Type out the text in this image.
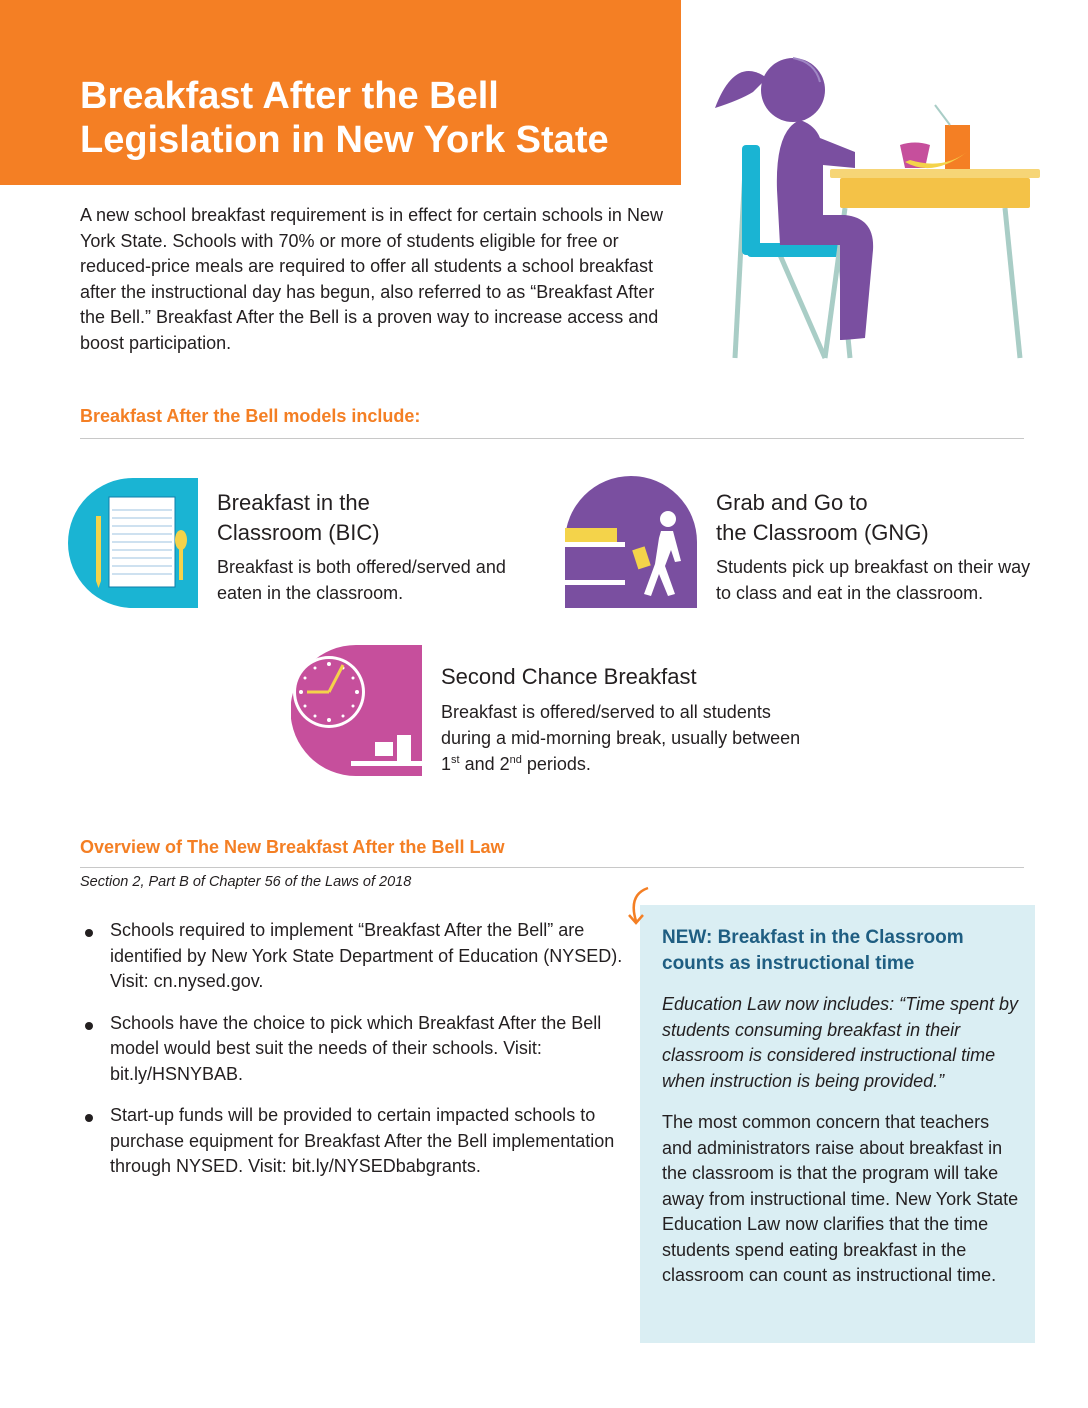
Breakfast After the Bell
Legislation in New York State

A new school breakfast requirement is in effect for certain schools in New York State. Schools with 70% or more of students eligible for free or reduced-price meals are required to offer all students a school breakfast after the instructional day has begun, also referred to as “Breakfast After the Bell.” Breakfast After the Bell is a proven way to increase access and boost participation.

Breakfast After the Bell models include:

Breakfast in the
Classroom (BIC)

Breakfast is both offered/served and eaten in the classroom.

Grab and Go to
the Classroom (GNG)

Students pick up breakfast on their way to class and eat in the classroom.

Second Chance Breakfast

Breakfast is offered/served to all students
during a mid-morning break, usually between
1st and 2nd periods.

Overview of The New Breakfast After the Bell Law

Section 2, Part B of Chapter 56 of the Laws of 2018

Schools required to implement “Breakfast After the Bell” are identified by New York State Department of Education (NYSED). Visit: cn.nysed.gov.
Schools have the choice to pick which Breakfast After the Bell model would best suit the needs of their schools. Visit: bit.ly/HSNYBAB.
Start-up funds will be provided to certain impacted schools to purchase equipment for Breakfast After the Bell implementation through NYSED. Visit: bit.ly/NYSEDbabgrants.

NEW: Breakfast in the Classroom counts as instructional time

Education Law now includes: “Time spent by students consuming breakfast in their classroom is considered instructional time when instruction is being provided.”

The most common concern that teachers and administrators raise about breakfast in the classroom is that the program will take away from instructional time. New York State Education Law now clarifies that the time students spend eating breakfast in the classroom can count as instructional time.
